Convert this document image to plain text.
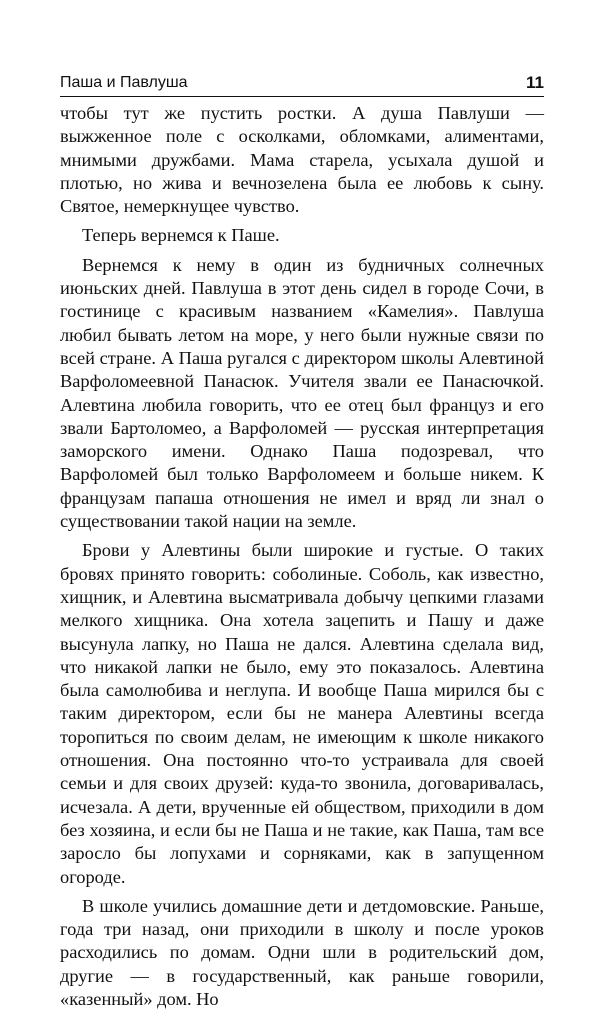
Паша и Павлуша	11

чтобы тут же пустить ростки. А душа Павлуши — выжженное поле с осколками, обломками, алиментами, мнимыми дружбами. Мама старела, усыхала душой и плотью, но жива и вечнозелена была ее любовь к сыну. Святое, немеркнущее чувство.

Теперь вернемся к Паше.

Вернемся к нему в один из будничных солнечных июньских дней. Павлуша в этот день сидел в городе Сочи, в гостинице с красивым названием «Камелия». Павлуша любил бывать летом на море, у него были нужные связи по всей стране. А Паша ругался с директором школы Алевтиной Варфоломеевной Панасюк. Учителя звали ее Панасючкой. Алевтина любила говорить, что ее отец был француз и его звали Бартоломео, а Варфоломей — русская интерпретация заморского имени. Однако Паша подозревал, что Варфоломей был только Варфоломеем и больше никем. К французам папаша отношения не имел и вряд ли знал о существовании такой нации на земле.

Брови у Алевтины были широкие и густые. О таких бровях принято говорить: соболиные. Соболь, как известно, хищник, и Алевтина высматривала добычу цепкими глазами мелкого хищника. Она хотела зацепить и Пашу и даже высунула лапку, но Паша не дался. Алевтина сделала вид, что никакой лапки не было, ему это показалось. Алевтина была самолюбива и неглупа. И вообще Паша мирился бы с таким директором, если бы не манера Алевтины всегда торопиться по своим делам, не имеющим к школе никакого отношения. Она постоянно что-то устраивала для своей семьи и для своих друзей: куда-то звонила, договаривалась, исчезала. А дети, врученные ей обществом, приходили в дом без хозяина, и если бы не Паша и не такие, как Паша, там все заросло бы лопухами и сорняками, как в запущенном огороде.

В школе учились домашние дети и детдомовские. Раньше, года три назад, они приходили в школу и после уроков расходились по домам. Одни шли в родительский дом, другие — в государственный, как раньше говорили, «казенный» дом. Но
